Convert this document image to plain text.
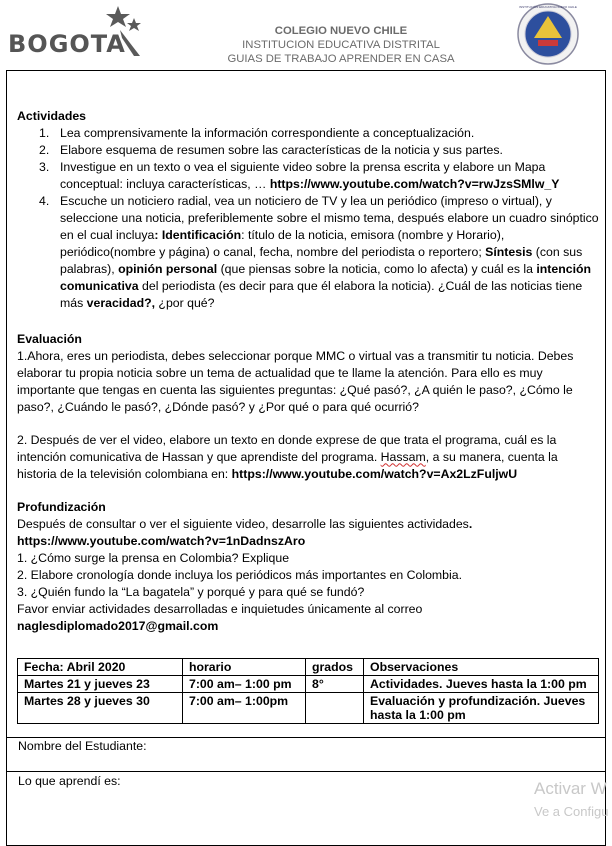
BOGOTA	COLEGIO NUEVO CHILE
INSTITUCION EDUCATIVA DISTRITAL
GUIAS DE TRABAJO APRENDER EN CASA
INSTITUCIÓN EDUCATIVA NUEVO CHILE
Actividades
1. Lea comprensivamente la información correspondiente a conceptualización.
2. Elabore esquema de resumen sobre las características de la noticia y sus partes.
3. Investigue en un texto o vea el siguiente video sobre la prensa escrita y elabore un Mapa conceptual: incluya características, … https://www.youtube.com/watch?v=rwJzsSMlw_Y
4. Escuche un noticiero radial, vea un noticiero de TV y lea un periódico (impreso o virtual), y seleccione una noticia, preferiblemente sobre el mismo tema, después elabore un cuadro sinóptico en el cual incluya: Identificación: título de la noticia, emisora (nombre y Horario), periódico(nombre y página) o canal, fecha, nombre del periodista o reportero; Síntesis (con sus palabras), opinión personal (que piensas sobre la noticia, como lo afecta) y cuál es la intención comunicativa del periodista (es decir para que él elabora la noticia). ¿Cuál de las noticias tiene más veracidad?, ¿por qué?
Evaluación

1.Ahora, eres un periodista, debes seleccionar porque MMC o virtual vas a transmitir tu noticia. Debes elaborar tu propia noticia sobre un tema de actualidad que te llame la atención. Para ello es muy importante que tengas en cuenta las siguientes preguntas: ¿Qué pasó?, ¿A quién le paso?, ¿Cómo le paso?, ¿Cuándo le pasó?, ¿Dónde pasó? y ¿Por qué o para qué ocurrió?

2. Después de ver el video, elabore un texto en donde exprese de que trata el programa, cuál es la intención comunicativa de Hassan y que aprendiste del programa. Hassam, a su manera, cuenta la historia de la televisión colombiana en: https://www.youtube.com/watch?v=Ax2LzFuljwU

Profundización

Después de consultar o ver el siguiente video, desarrolle las siguientes actividades.

https://www.youtube.com/watch?v=1nDadnszAro

1. ¿Cómo surge la prensa en Colombia? Explique

2. Elabore cronología donde incluya los periódicos más importantes en Colombia.

3. ¿Quién fundo la “La bagatela” y porqué y para qué se fundó?

Favor enviar actividades desarrolladas e inquietudes únicamente al correo

naglesdiplomado2017@gmail.com

Fecha: Abril 2020	horario	grados	Observaciones
Martes 21 y jueves 23	7:00 am– 1:00 pm	8°	Actividades. Jueves hasta la 1:00 pm
Martes 28 y jueves 30	7:00 am– 1:00pm		Evaluación y profundización. Jueves hasta la 1:00 pm
Nombre del Estudiante:
Lo que aprendí es:	Activar W
Ve a Configu
